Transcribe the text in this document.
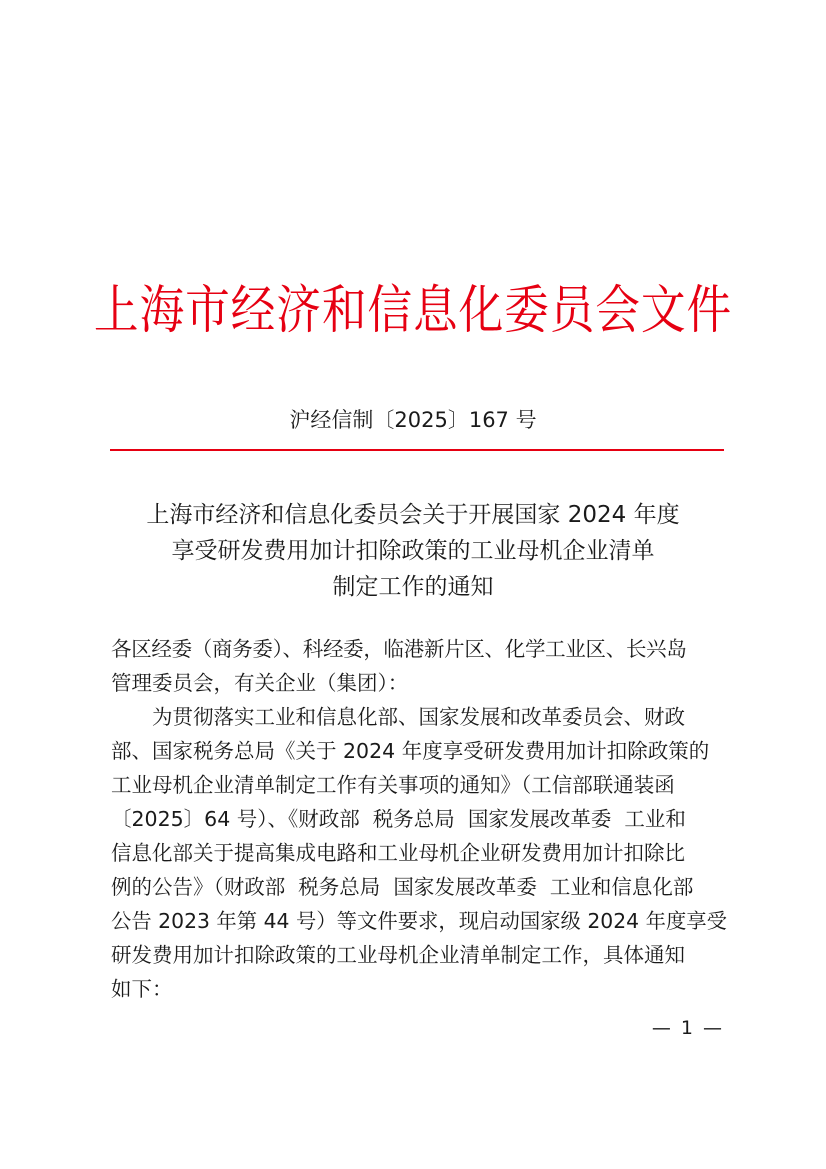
上海市经济和信息化委员会文件
沪经信制〔2025〕167 号
上海市经济和信息化委员会关于开展国家 2024 年度
享受研发费用加计扣除政策的工业母机企业清单
制定工作的通知

各区经委（商务委）、科经委，临港新片区、化学工业区、长兴岛
管理委员会，有关企业（集团）：

为贯彻落实工业和信息化部、国家发展和改革委员会、财政
部、国家税务总局《关于 2024 年度享受研发费用加计扣除政策的
工业母机企业清单制定工作有关事项的通知》（工信部联通装函
〔2025〕64 号）、《财政部  税务总局  国家发展改革委  工业和
信息化部关于提高集成电路和工业母机企业研发费用加计扣除比
例的公告》（财政部  税务总局  国家发展改革委  工业和信息化部
公告 2023 年第 44 号）等文件要求，现启动国家级 2024 年度享受
研发费用加计扣除政策的工业母机企业清单制定工作，具体通知
如下：

— 1 —
